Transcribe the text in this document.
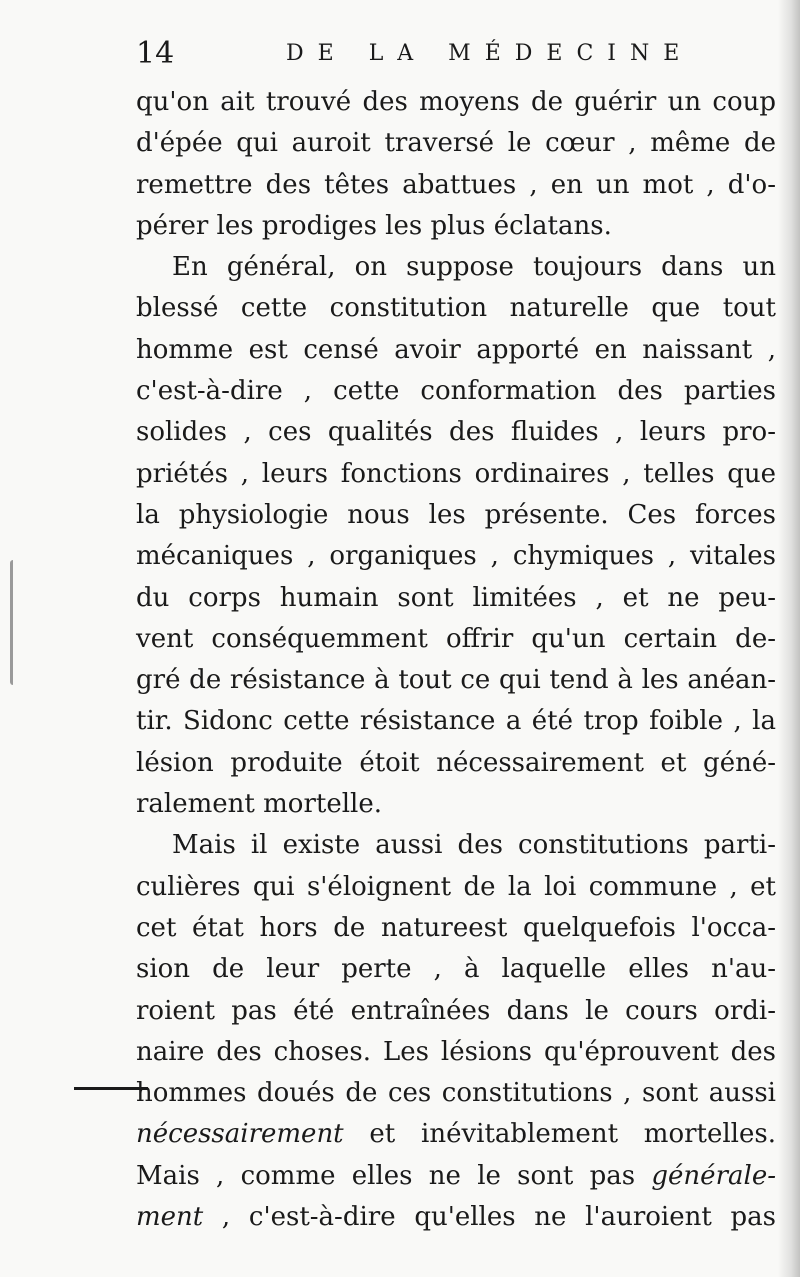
14	DE LA MÉDECINE
qu'on ait trouvé des moyens de guérir un coup
d'épée qui auroit traversé le cœur , même de
remettre des têtes abattues , en un mot , d'o-
pérer les prodiges les plus éclatans.
En général, on suppose toujours dans un
blessé cette constitution naturelle que tout
homme est censé avoir apporté en naissant ,
c'est-à-dire , cette conformation des parties
solides , ces qualités des fluides , leurs pro-
priétés , leurs fonctions ordinaires , telles que
la physiologie nous les présente. Ces forces
mécaniques , organiques , chymiques , vitales
du corps humain sont limitées , et ne peu-
vent conséquemment offrir qu'un certain de-
gré de résistance à tout ce qui tend à les anéan-
tir. Sidonc cette résistance a été trop foible , la
lésion produite étoit nécessairement et géné-
ralement mortelle.
Mais il existe aussi des constitutions parti-
culières qui s'éloignent de la loi commune , et
cet état hors de natureest quelquefois l'occa-
sion de leur perte , à laquelle elles n'au-
roient pas été entraînées dans le cours ordi-
naire des choses. Les lésions qu'éprouvent des
hommes doués de ces constitutions , sont aussi
nécessairement et inévitablement mortelles.
Mais , comme elles ne le sont pas générale-
ment , c'est-à-dire qu'elles ne l'auroient pas
